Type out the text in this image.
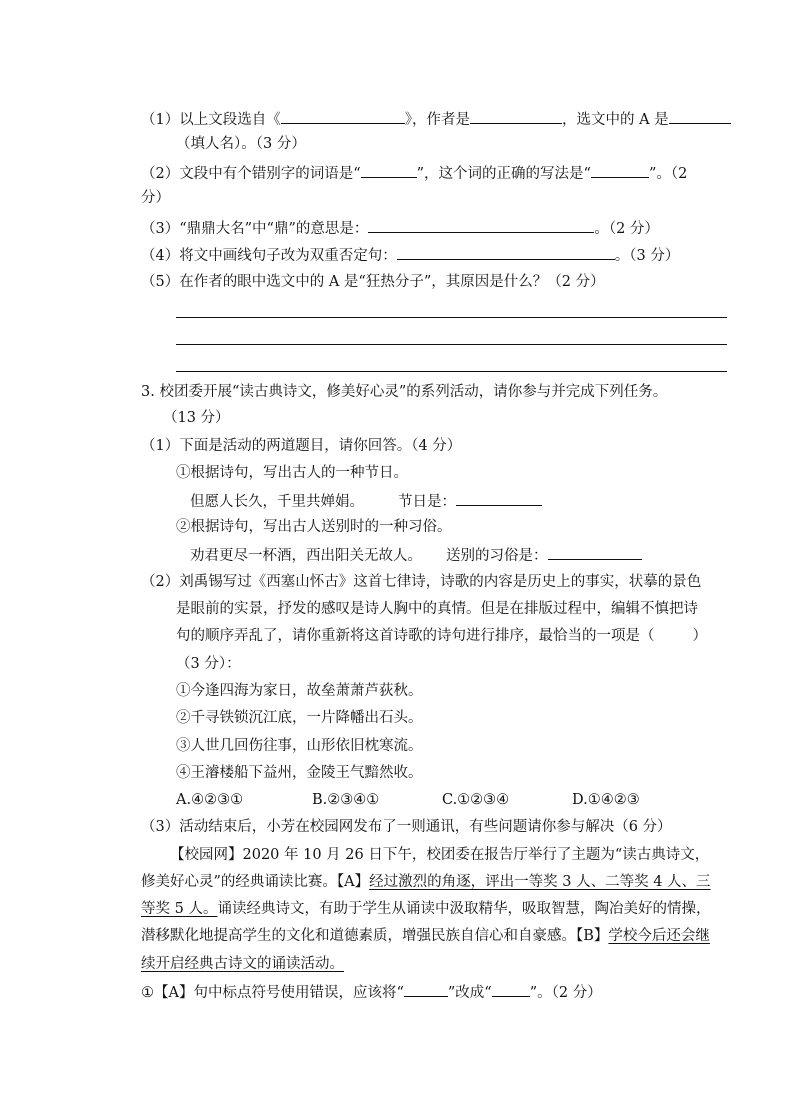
（1）以上文段选自《	》，作者是	，选文中的 A 是
（填人名）。（3 分）
（2）文段中有个错别字的词语是“	”，这个词的正确的写法是“	”。（2
分）
（3）“鼎鼎大名”中“鼎”的意思是：	。（2 分）
（4）将文中画线句子改为双重否定句：	。（3 分）
（5）在作者的眼中选文中的 A 是“狂热分子”，其原因是什么？（2 分）
3. 校团委开展“读古典诗文，修美好心灵”的系列活动，请你参与并完成下列任务。
（13 分）
（1）下面是活动的两道题目，请你回答。（4 分）
①根据诗句，写出古人的一种节日。
但愿人长久，千里共婵娟。 节日是：
②根据诗句，写出古人送别时的一种习俗。
劝君更尽一杯酒，西出阳关无故人。 送别的习俗是：
（2）刘禹锡写过《西塞山怀古》这首七律诗，诗歌的内容是历史上的事实，状摹的景色
是眼前的实景，抒发的感叹是诗人胸中的真情。但是在排版过程中，编辑不慎把诗
句的顺序弄乱了，请你重新将这首诗歌的诗句进行排序，最恰当的一项是（	）
（3 分）：
①今逢四海为家日，故垒萧萧芦荻秋。
②千寻铁锁沉江底，一片降幡出石头。
③人世几回伤往事，山形依旧枕寒流。
④王濬楼船下益州，金陵王气黯然收。
A.④②③①	B.②③④①	C.①②③④	D.①④②③
（3）活动结束后，小芳在校园网发布了一则通讯，有些问题请你参与解决（6 分）
【校园网】2020 年 10 月 26 日下午，校团委在报告厅举行了主题为“读古典诗文，
修美好心灵”的经典诵读比赛。【A】经过激烈的角逐，评出一等奖 3 人、二等奖 4 人、三
等奖 5 人。诵读经典诗文，有助于学生从诵读中汲取精华，吸取智慧，陶冶美好的情操，
潜移默化地提高学生的文化和道德素质，增强民族自信心和自豪感。【B】学校今后还会继
续开启经典古诗文的诵读活动。
①【A】句中标点符号使用错误，应该将“	”改成“	”。（2 分）
